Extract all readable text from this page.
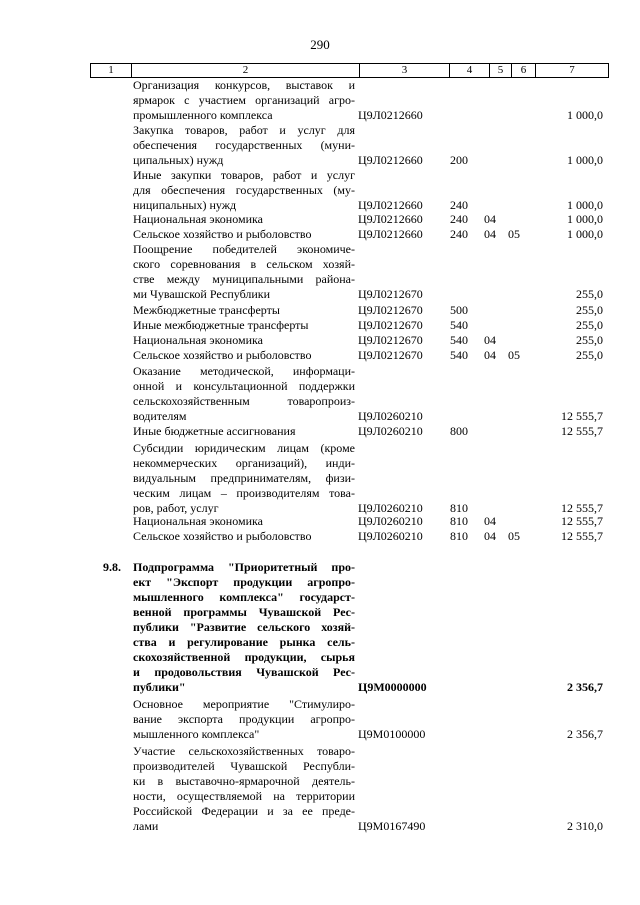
290
1	2	3	4	5	6	7
Организация конкурсов, выставок и
ярмарок с участием организаций агро-
промышленного комплекса	Ц9Л0212660	1 000,0
Закупка товаров, работ и услуг для
обеспечения государственных (муни-
ципальных) нужд	Ц9Л0212660 200	1 000,0
Иные закупки товаров, работ и услуг
для обеспечения государственных (му-
ниципальных) нужд	Ц9Л0212660 240	1 000,0
Национальная экономика	Ц9Л0212660 240 04	1 000,0
Сельское хозяйство и рыболовство	Ц9Л0212660 240 04 05	1 000,0
Поощрение победителей экономиче-
ского соревнования в сельском хозяй-
стве между муниципальными района-
ми Чувашской Республики	Ц9Л0212670	255,0
Межбюджетные трансферты	Ц9Л0212670 500	255,0
Иные межбюджетные трансферты	Ц9Л0212670 540	255,0
Национальная экономика	Ц9Л0212670 540 04	255,0
Сельское хозяйство и рыболовство	Ц9Л0212670 540 04 05	255,0
Оказание методической, информаци-
онной и консультационной поддержки
сельскохозяйственным товаропроиз-
водителям	Ц9Л0260210	12 555,7
Иные бюджетные ассигнования	Ц9Л0260210 800	12 555,7
Субсидии юридическим лицам (кроме
некоммерческих организаций), инди-
видуальным предпринимателям, физи-
ческим лицам – производителям това-
ров, работ, услуг	Ц9Л0260210 810	12 555,7
Национальная экономика	Ц9Л0260210 810 04	12 555,7
Сельское хозяйство и рыболовство	Ц9Л0260210 810 04 05	12 555,7
9.8. Подпрограмма "Приоритетный про-
ект "Экспорт продукции агропро-
мышленного комплекса" государст-
венной программы Чувашской Рес-
публики "Развитие сельского хозяй-
ства и регулирование рынка сель-
скохозяйственной продукции, сырья
и продовольствия Чувашской Рес-
публики"	Ц9М0000000	2 356,7
Основное мероприятие "Стимулиро-
вание экспорта продукции агропро-
мышленного комплекса"	Ц9М0100000	2 356,7
Участие сельскохозяйственных товаро-
производителей Чувашской Республи-
ки в выставочно-ярмарочной деятель-
ности, осуществляемой на территории
Российской Федерации и за ее преде-
лами	Ц9М0167490	2 310,0
